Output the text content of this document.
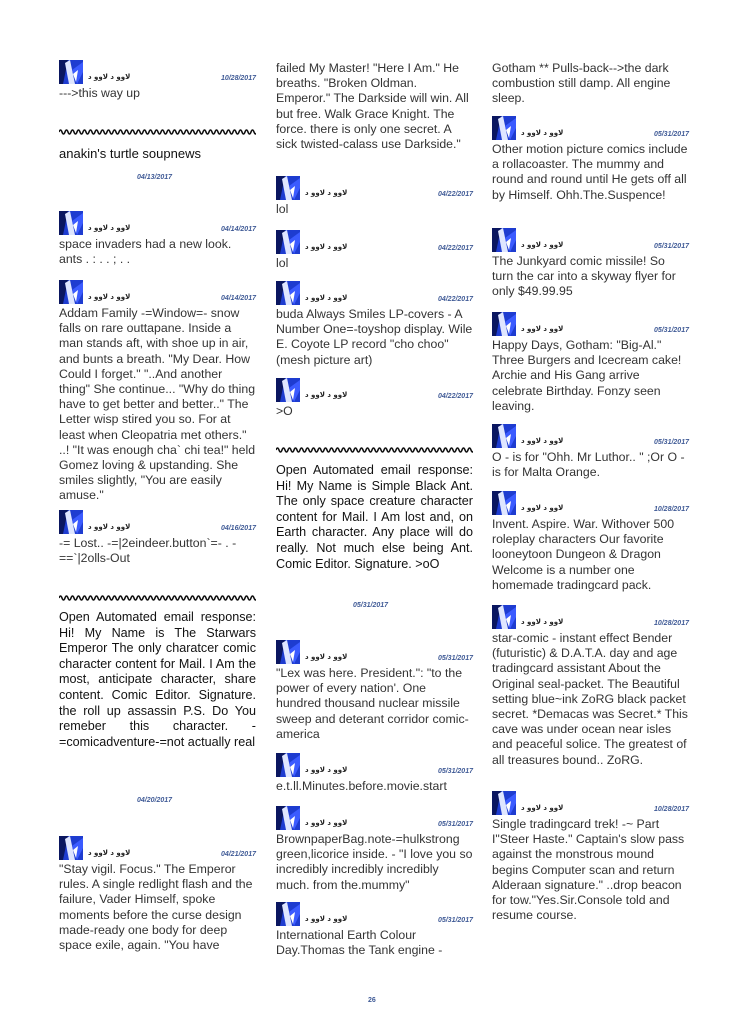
ﻻﻭﻭ ﺩ ﻻﻭﻭ ﺩ	10/28/2017

--->this way up

anakin's turtle soupnews
04/13/2017
ﻻﻭﻭ ﺩ ﻻﻭﻭ ﺩ	04/14/2017

space invaders had a new look. ants . : . . ; . .

ﻻﻭﻭ ﺩ ﻻﻭﻭ ﺩ	04/14/2017

Addam Family -=Window=- snow falls on rare outtapane. Inside a man stands aft, with shoe up in air, and bunts a breath. "My Dear. How Could I forget." "..And another thing" She continue... "Why do thing have to get better and better.." The Letter wisp stired you so. For at least when Cleopatria met others." ..! "It was enough cha` chi tea!" held Gomez loving & upstanding. She smiles slightly, "You are easily amuse."

ﻻﻭﻭ ﺩ ﻻﻭﻭ ﺩ	04/16/2017

-= Lost.. -=|2eindeer.button`=- . -==`|2olls-Out

Open Automated email response: Hi! My Name is The Starwars Emperor The only charatcer comic character content for Mail. I Am the most, anticipate character, share content. Comic Editor. Signature. the roll up assassin P.S. Do You remeber this character. -=comicadventure-=not actually real

04/20/2017
ﻻﻭﻭ ﺩ ﻻﻭﻭ ﺩ	04/21/2017

"Stay vigil. Focus." The Emperor rules. A single redlight flash and the failure, Vader Himself, spoke moments before the curse design made-ready one body for deep space exile, again. "You have

failed My Master! "Here I Am." He breaths. "Broken Oldman. Emperor." The Darkside will win. All but free. Walk Grace Knight. The force. there is only one secret. A sick twisted-calass use Darkside."

ﻻﻭﻭ ﺩ ﻻﻭﻭ ﺩ	04/22/2017

lol

ﻻﻭﻭ ﺩ ﻻﻭﻭ ﺩ	04/22/2017

lol

ﻻﻭﻭ ﺩ ﻻﻭﻭ ﺩ	04/22/2017

buda Always Smiles LP-covers - A Number One=-toyshop display. Wile E. Coyote LP record "cho choo" (mesh picture art)

ﻻﻭﻭ ﺩ ﻻﻭﻭ ﺩ	04/22/2017

>O

Open Automated email response: Hi! My Name is Simple Black Ant. The only space creature character content for Mail. I Am lost and, on Earth character. Any place will do really. Not much else being Ant. Comic Editor. Signature. >oO

05/31/2017
ﻻﻭﻭ ﺩ ﻻﻭﻭ ﺩ	05/31/2017

"Lex was here. President.": "to the power of every nation'. One hundred thousand nuclear missile sweep and deterant corridor comic-america

ﻻﻭﻭ ﺩ ﻻﻭﻭ ﺩ	05/31/2017

e.t.ll.Minutes.before.movie.start

ﻻﻭﻭ ﺩ ﻻﻭﻭ ﺩ	05/31/2017

BrownpaperBag.note-=hulkstrong green,licorice inside. - "I love you so incredibly incredibly incredibly much. from the.mummy"

ﻻﻭﻭ ﺩ ﻻﻭﻭ ﺩ	05/31/2017

International Earth Colour Day.Thomas the Tank engine -

Gotham ** Pulls-back-->the dark combustion still damp. All engine sleep.

ﻻﻭﻭ ﺩ ﻻﻭﻭ ﺩ	05/31/2017

Other motion picture comics include a rollacoaster. The mummy and round and round until He gets off all by Himself. Ohh.The.Suspence!

ﻻﻭﻭ ﺩ ﻻﻭﻭ ﺩ	05/31/2017

The Junkyard comic missile! So turn the car into a skyway flyer for only $49.99.95

ﻻﻭﻭ ﺩ ﻻﻭﻭ ﺩ	05/31/2017

Happy Days, Gotham: "Big-Al." Three Burgers and Icecream cake! Archie and His Gang arrive celebrate Birthday. Fonzy seen leaving.

ﻻﻭﻭ ﺩ ﻻﻭﻭ ﺩ	05/31/2017

O - is for "Ohh. Mr Luthor.. " ;Or O - is for Malta Orange.

ﻻﻭﻭ ﺩ ﻻﻭﻭ ﺩ	10/28/2017

Invent. Aspire. War. Withover 500 roleplay characters Our favorite looneytoon Dungeon & Dragon Welcome is a number one homemade tradingcard pack.

ﻻﻭﻭ ﺩ ﻻﻭﻭ ﺩ	10/28/2017

star-comic - instant effect Bender (futuristic) & D.A.T.A. day and age tradingcard assistant About the Original seal-packet. The Beautiful setting blue~ink ZoRG black packet secret. *Demacas was Secret.* This cave was under ocean near isles and peaceful solice. The greatest of all treasures bound.. ZoRG.

ﻻﻭﻭ ﺩ ﻻﻭﻭ ﺩ	10/28/2017

Single tradingcard trek! -~ Part I"Steer Haste." Captain's slow pass against the monstrous mound begins Computer scan and return Alderaan signature." ..drop beacon for tow."Yes.Sir.Console told and resume course.

26
